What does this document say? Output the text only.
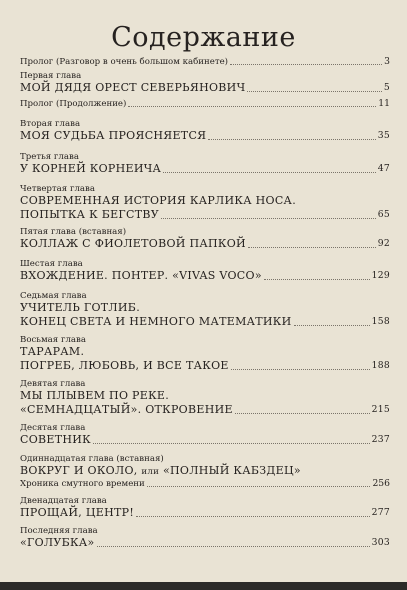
Содержание
Пролог (Разговор в очень большом кабинете)	3
Первая глава
МОЙ ДЯДЯ ОРЕСТ СЕВЕРЬЯНОВИЧ	5
Пролог (Продолжение)	11
Вторая глава
МОЯ СУДЬБА ПРОЯСНЯЕТСЯ	35
Третья глава
У КОРНЕЙ КОРНЕИЧА	47
Четвертая глава
СОВРЕМЕННАЯ ИСТОРИЯ КАРЛИКА НОСА.
ПОПЫТКА К БЕГСТВУ	65
Пятая глава (вставная)
КОЛЛАЖ С ФИОЛЕТОВОЙ ПАПКОЙ	92
Шестая глава
ВХОЖДЕНИЕ. ПОНТЕР. «VIVAS VOCO»	129
Седьмая глава
УЧИТЕЛЬ ГОТЛИБ.
КОНЕЦ СВЕТА И НЕМНОГО МАТЕМАТИКИ	158
Восьмая глава
ТАРАРАМ.
ПОГРЕБ, ЛЮБОВЬ, И ВСЕ ТАКОЕ	188
Девятая глава
МЫ ПЛЫВЕМ ПО РЕКЕ.
«СЕМНАДЦАТЫЙ». ОТКРОВЕНИЕ	215
Десятая глава
СОВЕТНИК	237
Одиннадцатая глава (вставная)
ВОКРУГ И ОКОЛО, или «ПОЛНЫЙ КАБЗДЕЦ»
Хроника смутного времени	256
Двенадцатая глава
ПРОЩАЙ, ЦЕНТР!	277
Последняя глава
«ГОЛУБКА»	303
